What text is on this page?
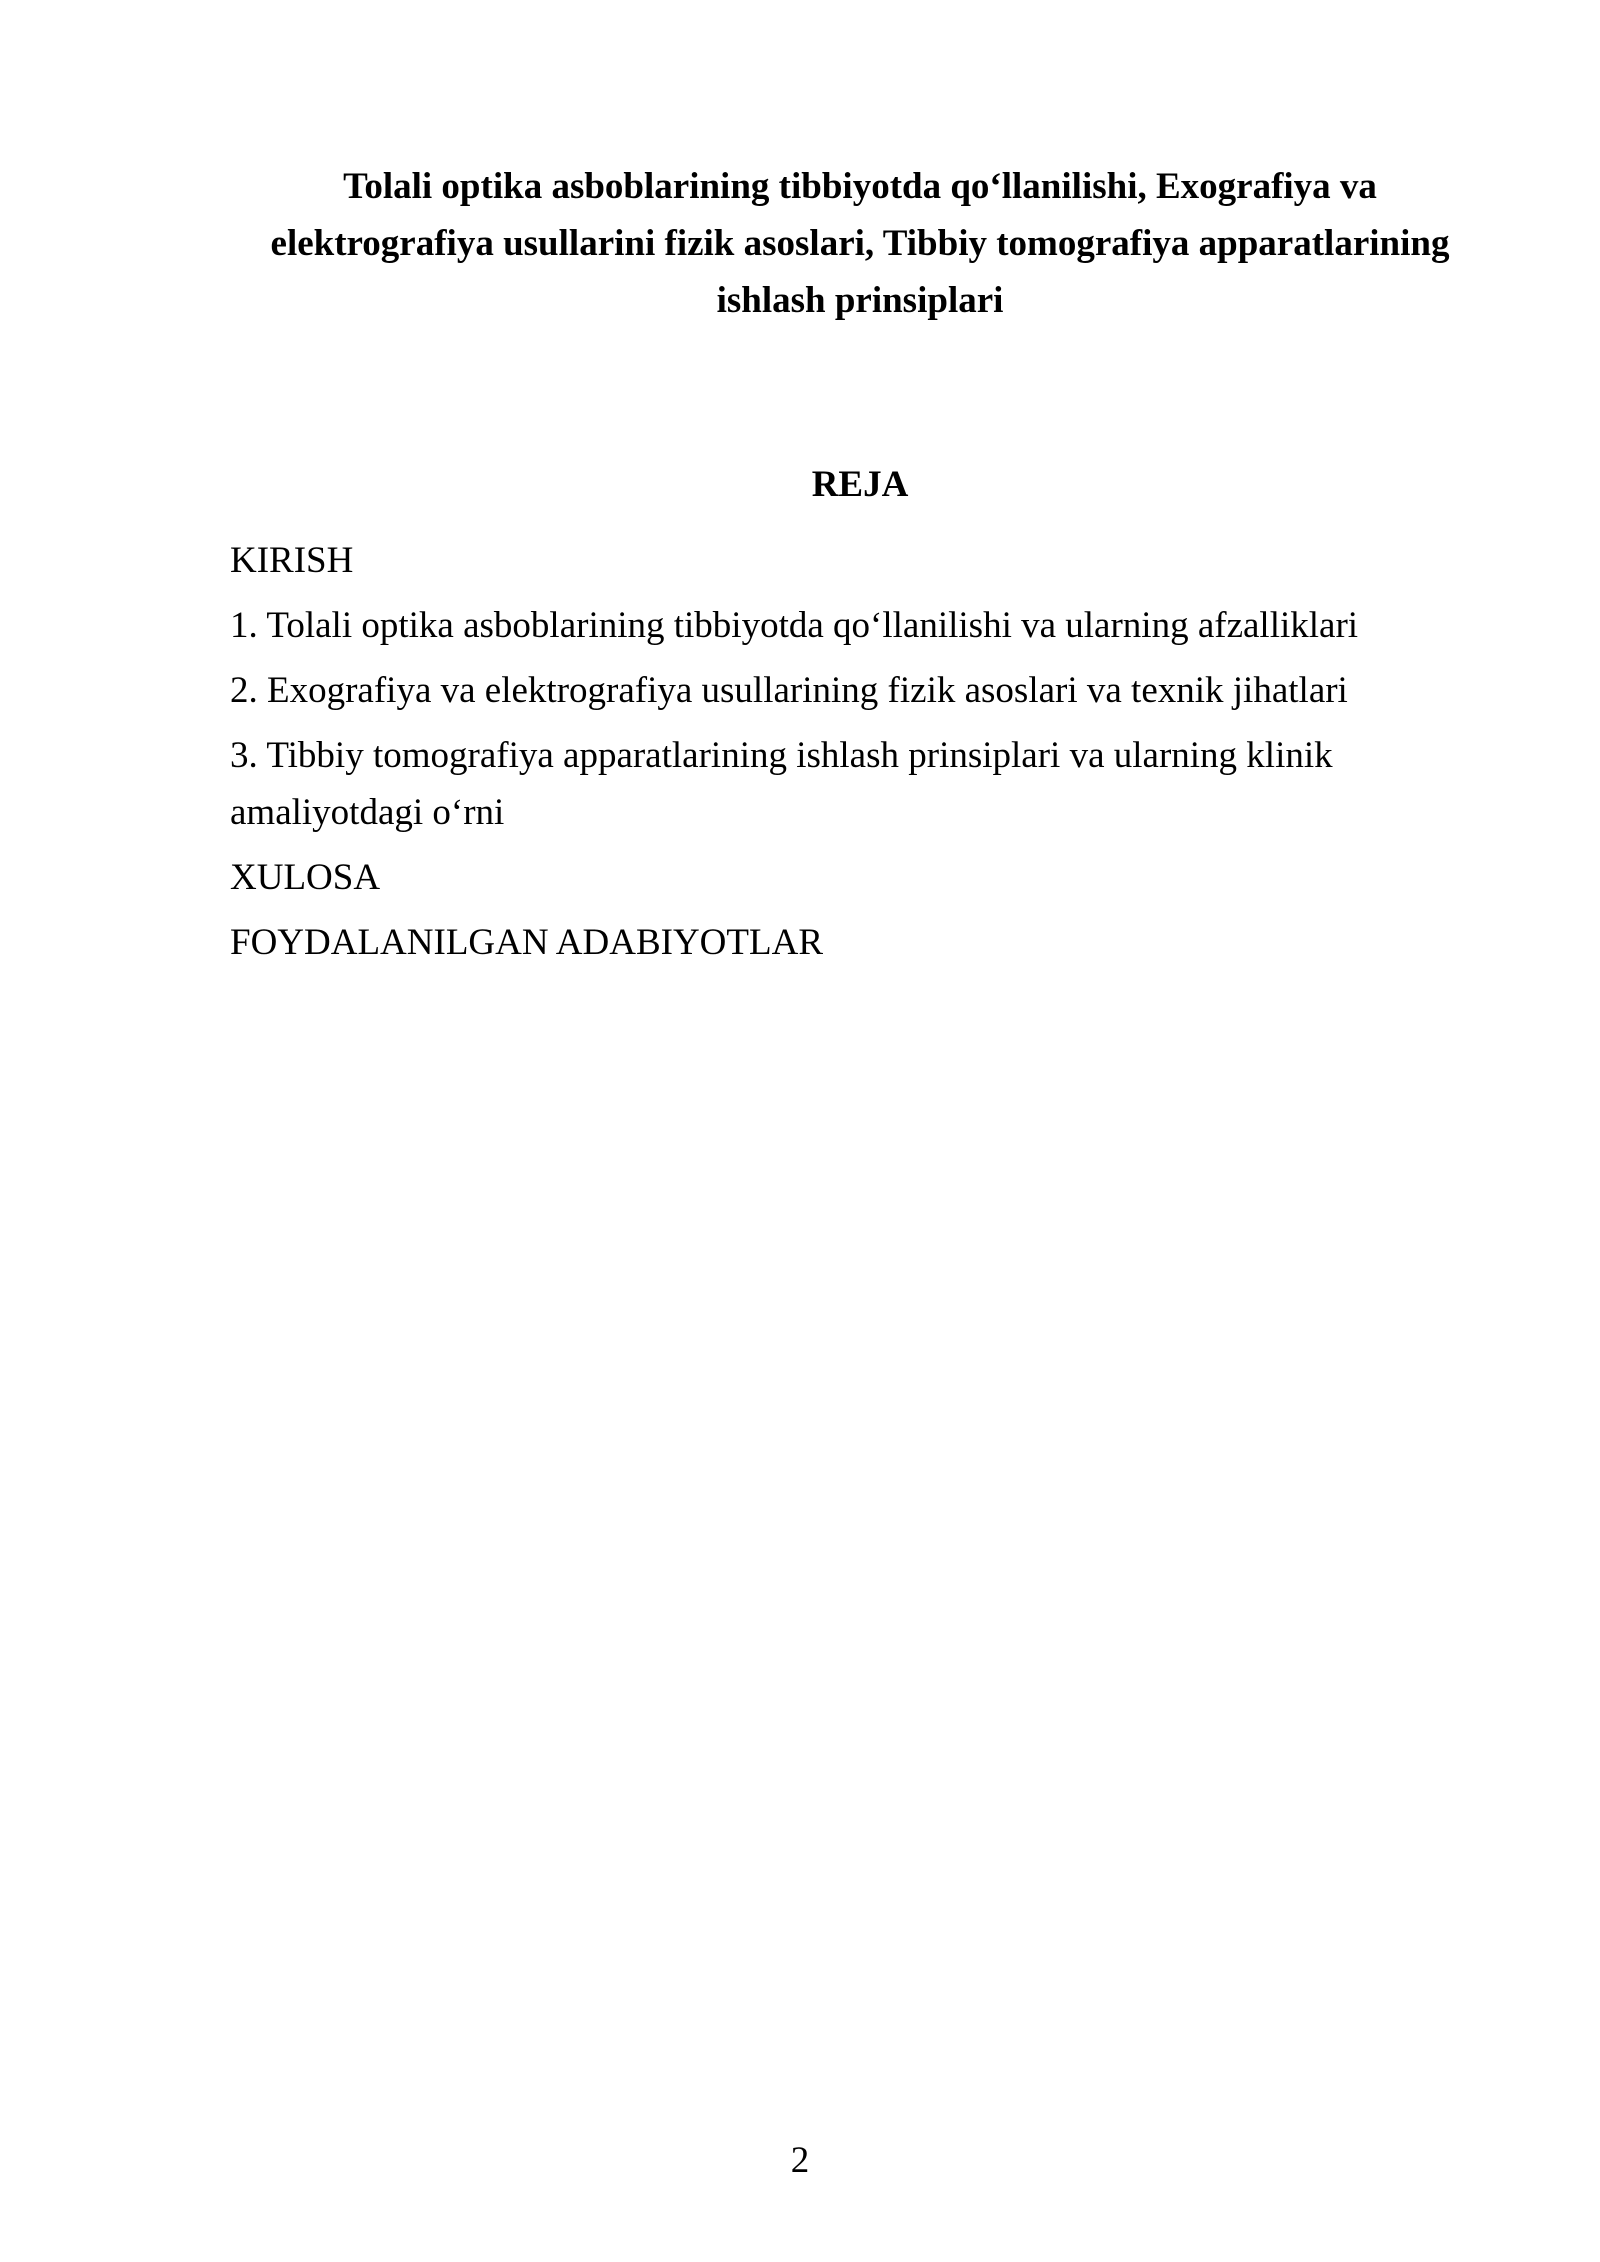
Tolali optika asboblarining tibbiyotda qo‘llanilishi, Exografiya va
elektrografiya usullarini fizik asoslari, Tibbiy tomografiya apparatlarining
ishlash prinsiplari
REJA
KIRISH
1. Tolali optika asboblarining tibbiyotda qo‘llanilishi va ularning afzalliklari
2. Exografiya va elektrografiya usullarining fizik asoslari va texnik jihatlari
3. Tibbiy tomografiya apparatlarining ishlash prinsiplari va ularning klinik
amaliyotdagi o‘rni
XULOSA
FOYDALANILGAN ADABIYOTLAR

2
